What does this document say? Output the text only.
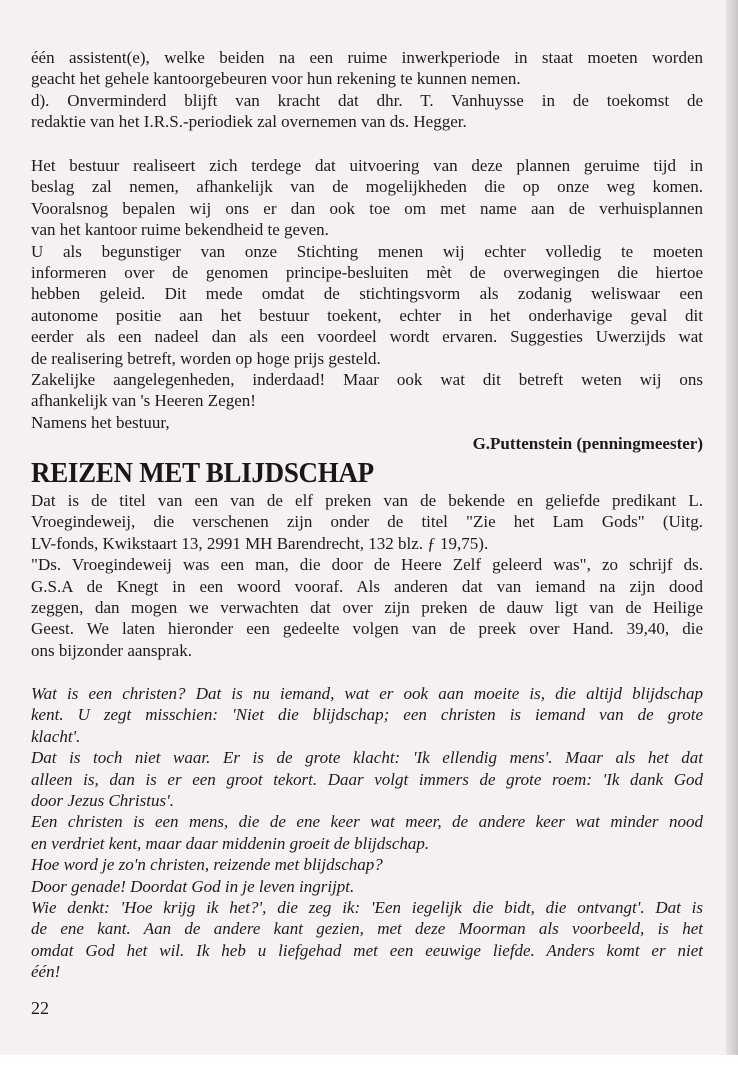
één assistent(e), welke beiden na een ruime inwerkperiode in staat moeten worden
geacht het gehele kantoorgebeuren voor hun rekening te kunnen nemen.
d). Onverminderd blijft van kracht dat dhr. T. Vanhuysse in de toekomst de
redaktie van het I.R.S.-periodiek zal overnemen van ds. Hegger.
Het bestuur realiseert zich terdege dat uitvoering van deze plannen geruime tijd in
beslag zal nemen, afhankelijk van de mogelijkheden die op onze weg komen.
Vooralsnog bepalen wij ons er dan ook toe om met name aan de verhuisplannen
van het kantoor ruime bekendheid te geven.
U als begunstiger van onze Stichting menen wij echter volledig te moeten
informeren over de genomen principe-besluiten mèt de overwegingen die hiertoe
hebben geleid. Dit mede omdat de stichtingsvorm als zodanig weliswaar een
autonome positie aan het bestuur toekent, echter in het onderhavige geval dit
eerder als een nadeel dan als een voordeel wordt ervaren. Suggesties Uwerzijds wat
de realisering betreft, worden op hoge prijs gesteld.
Zakelijke aangelegenheden, inderdaad! Maar ook wat dit betreft weten wij ons
afhankelijk van 's Heeren Zegen!
Namens het bestuur,
G.Puttenstein (penningmeester)
REIZEN MET BLIJDSCHAP
Dat is de titel van een van de elf preken van de bekende en geliefde predikant L.
Vroegindeweij, die verschenen zijn onder de titel "Zie het Lam Gods" (Uitg.
LV-fonds, Kwikstaart 13, 2991 MH Barendrecht, 132 blz. ƒ 19,75).
"Ds. Vroegindeweij was een man, die door de Heere Zelf geleerd was", zo schrijf ds.
G.S.A de Knegt in een woord vooraf. Als anderen dat van iemand na zijn dood
zeggen, dan mogen we verwachten dat over zijn preken de dauw ligt van de Heilige
Geest. We laten hieronder een gedeelte volgen van de preek over Hand. 39,40, die
ons bijzonder aansprak.
Wat is een christen? Dat is nu iemand, wat er ook aan moeite is, die altijd blijdschap
kent. U zegt misschien: 'Niet die blijdschap; een christen is iemand van de grote
klacht'.
Dat is toch niet waar. Er is de grote klacht: 'Ik ellendig mens'. Maar als het dat
alleen is, dan is er een groot tekort. Daar volgt immers de grote roem: 'Ik dank God
door Jezus Christus'.
Een christen is een mens, die de ene keer wat meer, de andere keer wat minder nood
en verdriet kent, maar daar middenin groeit de blijdschap.
Hoe word je zo'n christen, reizende met blijdschap?
Door genade! Doordat God in je leven ingrijpt.
Wie denkt: 'Hoe krijg ik het?', die zeg ik: 'Een iegelijk die bidt, die ontvangt'. Dat is
de ene kant. Aan de andere kant gezien, met deze Moorman als voorbeeld, is het
omdat God het wil. Ik heb u liefgehad met een eeuwige liefde. Anders komt er niet
één!
22
